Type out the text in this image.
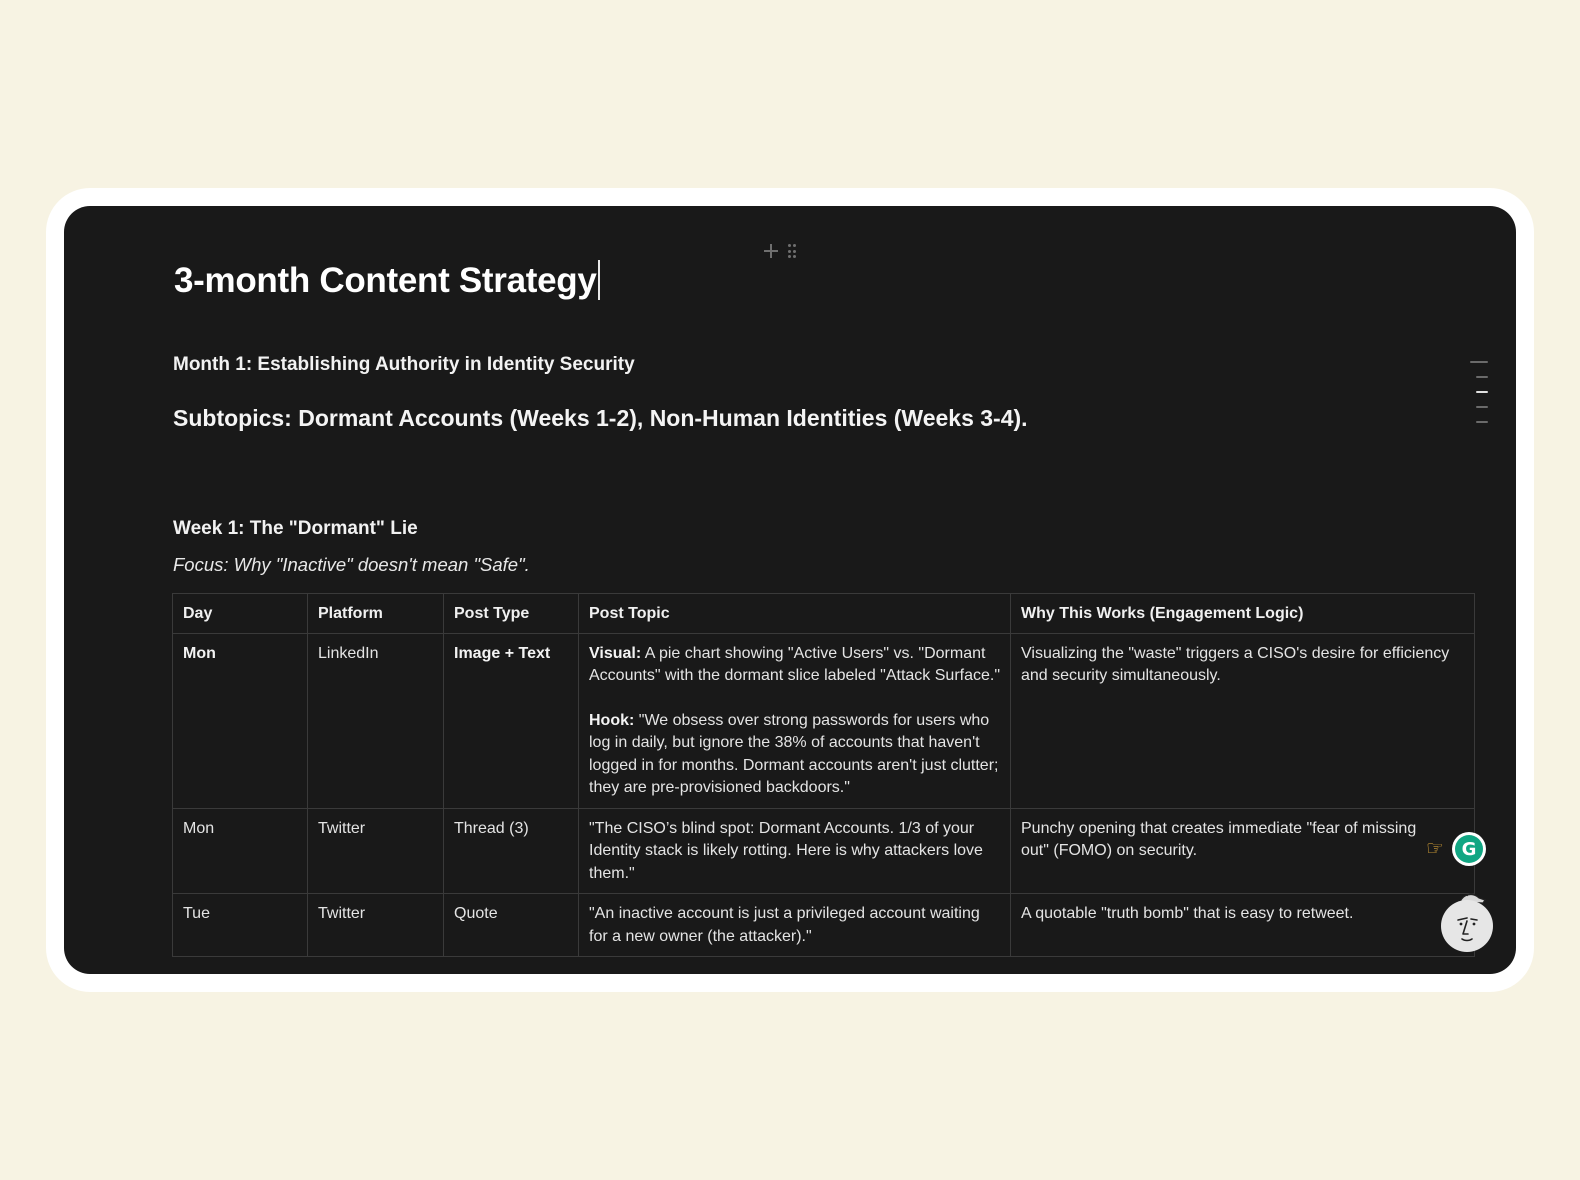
3-month Content Strategy
Month 1: Establishing Authority in Identity Security
Subtopics: Dormant Accounts (Weeks 1-2), Non-Human Identities (Weeks 3-4).
Week 1: The "Dormant" Lie
Focus: Why "Inactive" doesn't mean "Safe".
Day	Platform	Post Type	Post Topic	Why This Works (Engagement Logic)
Mon	LinkedIn	Image + Text	Visual: A pie chart showing "Active Users" vs. "Dormant Accounts" with the dormant slice labeled "Attack Surface."
Hook: "We obsess over strong passwords for users who log in daily, but ignore the 38% of accounts that haven't logged in for months. Dormant accounts aren't just clutter; they are pre-provisioned backdoors."	Visualizing the "waste" triggers a CISO's desire for efficiency and security simultaneously.
Mon	Twitter	Thread (3)	"The CISO’s blind spot: Dormant Accounts. 1/3 of your Identity stack is likely rotting. Here is why attackers love them."	Punchy opening that creates immediate "fear of missing out" (FOMO) on security.
Tue	Twitter	Quote	"An inactive account is just a privileged account waiting for a new owner (the attacker)."	A quotable "truth bomb" that is easy to retweet.
☞ G
